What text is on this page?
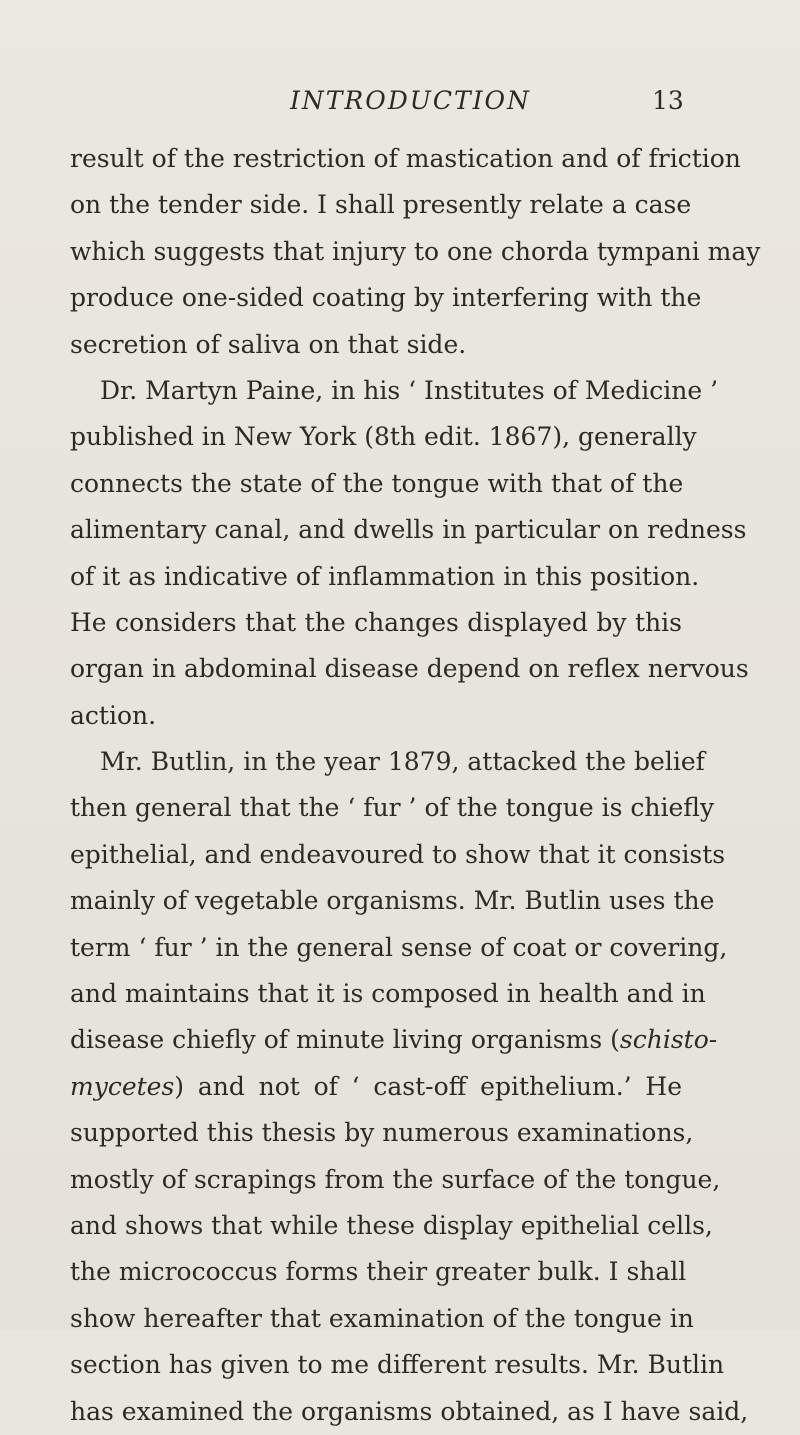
INTRODUCTION	13
result of the restriction of mastication and of friction
on the tender side. I shall presently relate a case
which suggests that injury to one chorda tympani may
produce one-sided coating by interfering with the
secretion of saliva on that side.
Dr. Martyn Paine, in his ‘ Institutes of Medicine ’
published in New York (8th edit. 1867), generally
connects the state of the tongue with that of the
alimentary canal, and dwells in particular on redness
of it as indicative of inflammation in this position.
He considers that the changes displayed by this
organ in abdominal disease depend on reflex nervous
action.
Mr. Butlin, in the year 1879, attacked the belief
then general that the ‘ fur ’ of the tongue is chiefly
epithelial, and endeavoured to show that it consists
mainly of vegetable organisms. Mr. Butlin uses the
term ‘ fur ’ in the general sense of coat or covering,
and maintains that it is composed in health and in
disease chiefly of minute living organisms (schisto-
mycetes) and not of ‘ cast-off epithelium.’ He
supported this thesis by numerous examinations,
mostly of scrapings from the surface of the tongue,
and shows that while these display epithelial cells,
the micrococcus forms their greater bulk. I shall
show hereafter that examination of the tongue in
section has given to me different results. Mr. Butlin
has examined the organisms obtained, as I have said,
